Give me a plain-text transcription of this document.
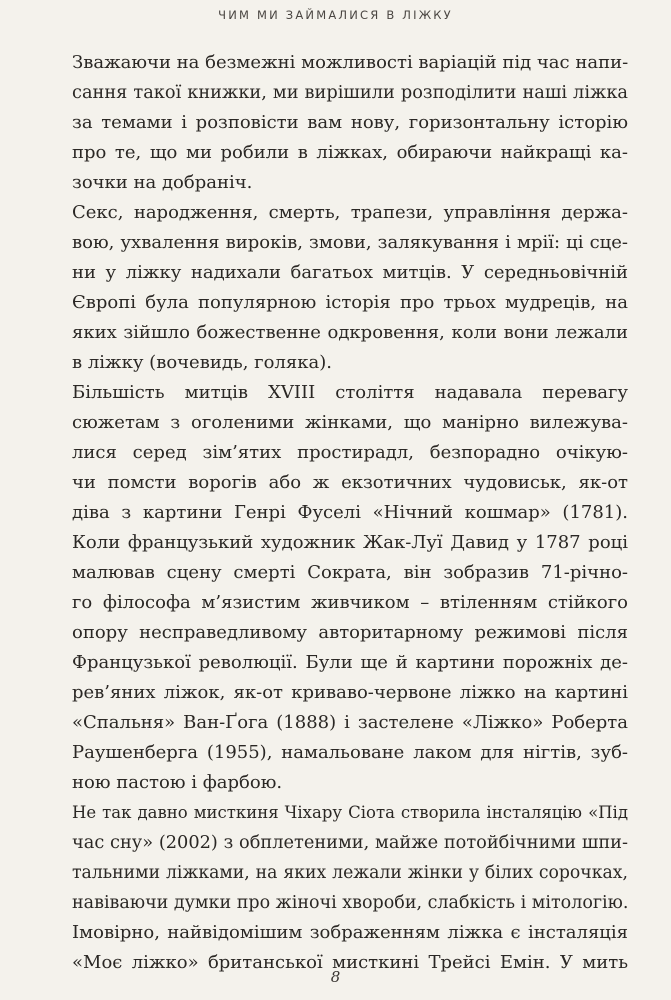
ЧИМ МИ ЗАЙМАЛИСЯ В ЛІЖКУ
Зважаючи на безмежні можливості варіацій під час напи-
сання такої книжки, ми вирішили розподілити наші ліжка
за темами і розповісти вам нову, горизонтальну історію
про те, що ми робили в ліжках, обираючи найкращі ка-
зочки на добраніч.
Секс, народження, смерть, трапези, управління держа-
вою, ухвалення вироків, змови, залякування і мрії: ці сце-
ни у ліжку надихали багатьох митців. У середньовічній
Європі була популярною історія про трьох мудреців, на
яких зійшло божественне одкровення, коли вони лежали
в ліжку (вочевидь, голяка).
Більшість митців XVIII століття надавала перевагу
сюжетам з оголеними жінками, що манірно вилежува-
лися серед зім’ятих простирадл, безпорадно очікую-
чи помсти ворогів або ж екзотичних чудовиськ, як-от
діва з картини Генрі Фуселі «Нічний кошмар» (1781).
Коли французький художник Жак-Луї Давид у 1787 році
малював сцену смерті Сократа, він зобразив 71-річно-
го філософа м’язистим живчиком – втіленням стійкого
опору несправедливому авторитарному режимові після
Французької революції. Були ще й картини порожніх де-
рев’яних ліжок, як-от криваво-червоне ліжко на картині
«Спальня» Ван-Ґога (1888) і застелене «Ліжко» Роберта
Раушенберга (1955), намальоване лаком для нігтів, зуб-
ною пастою і фарбою.
Не так давно мисткиня Чіхару Сіота створила інсталяцію «Під
час сну» (2002) з обплетеними, майже потойбічними шпи-
тальними ліжками, на яких лежали жінки у білих сорочках,
навіваючи думки про жіночі хвороби, слабкість і мітологію.
Імовірно, найвідомішим зображенням ліжка є інсталяція
«Моє ліжко» британської мисткині Трейсі Емін. У мить
8
